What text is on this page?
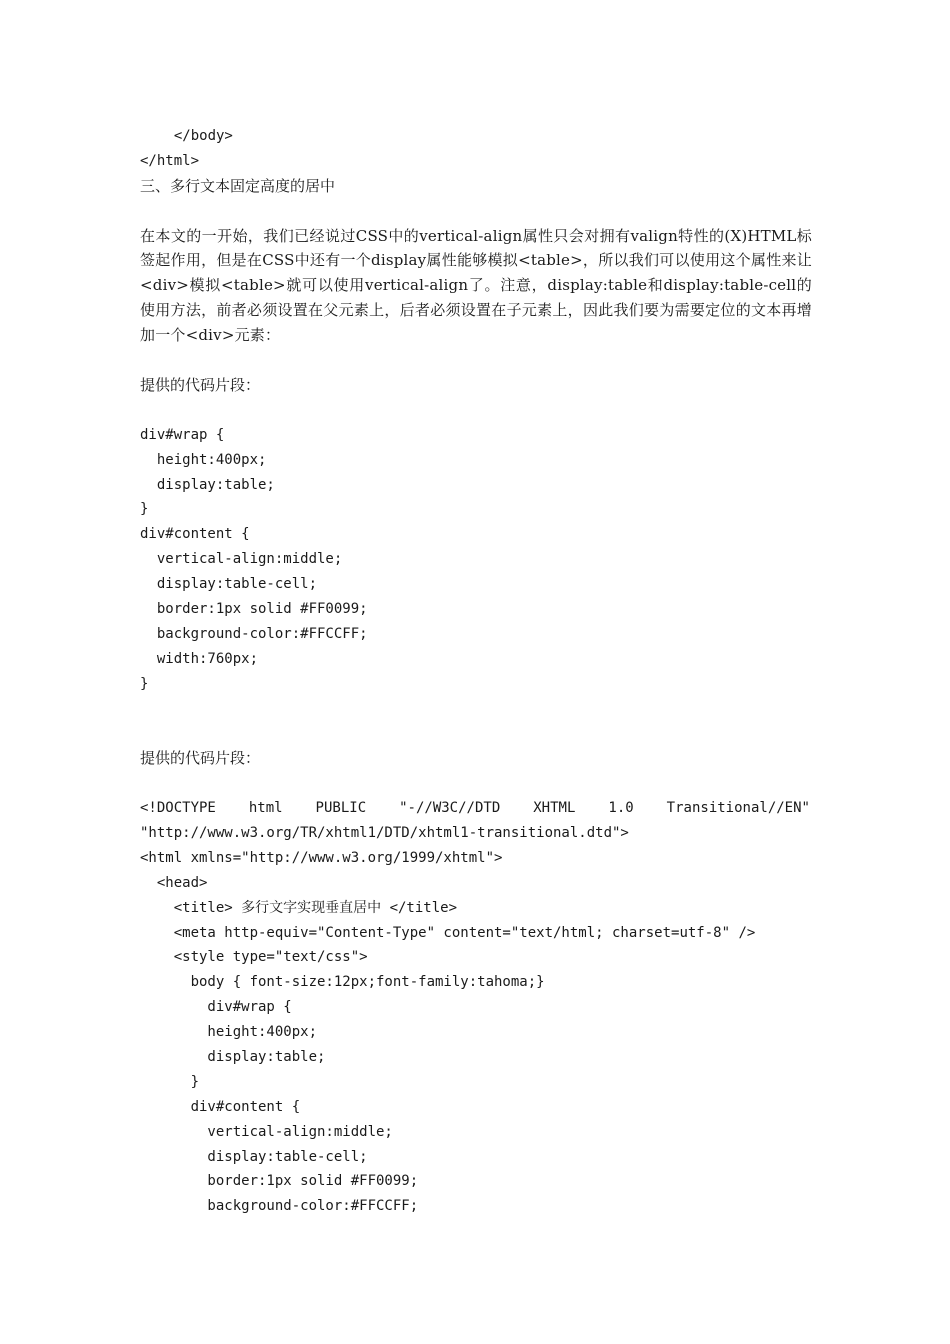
</body>
</html>
三、多行文本固定高度的居中
在本文的一开始，我们已经说过CSS中的vertical-align属性只会对拥有valign特性的(X)HTML标签起作用，但是在CSS中还有一个display属性能够模拟<table>，所以我们可以使用这个属性来让<div>模拟<table>就可以使用vertical-align了。注意，display:table和display:table-cell的使用方法，前者必须设置在父元素上，后者必须设置在子元素上，因此我们要为需要定位的文本再增加一个<div>元素：
提供的代码片段：
div#wrap {
height:400px;
display:table;
}
div#content {
vertical-align:middle;
display:table-cell;
border:1px solid #FF0099;
background-color:#FFCCFF;
width:760px;
}
提供的代码片段：
<!DOCTYPE html PUBLIC "-//W3C//DTD XHTML 1.0 Transitional//EN"
"http://www.w3.org/TR/xhtml1/DTD/xhtml1-transitional.dtd">
<html xmlns="http://www.w3.org/1999/xhtml">
<head>
<title> 多行文字实现垂直居中 </title>
<meta http-equiv="Content-Type" content="text/html; charset=utf-8" />
<style type="text/css">
body { font-size:12px;font-family:tahoma;}
div#wrap {
height:400px;
display:table;
}
div#content {
vertical-align:middle;
display:table-cell;
border:1px solid #FF0099;
background-color:#FFCCFF;
